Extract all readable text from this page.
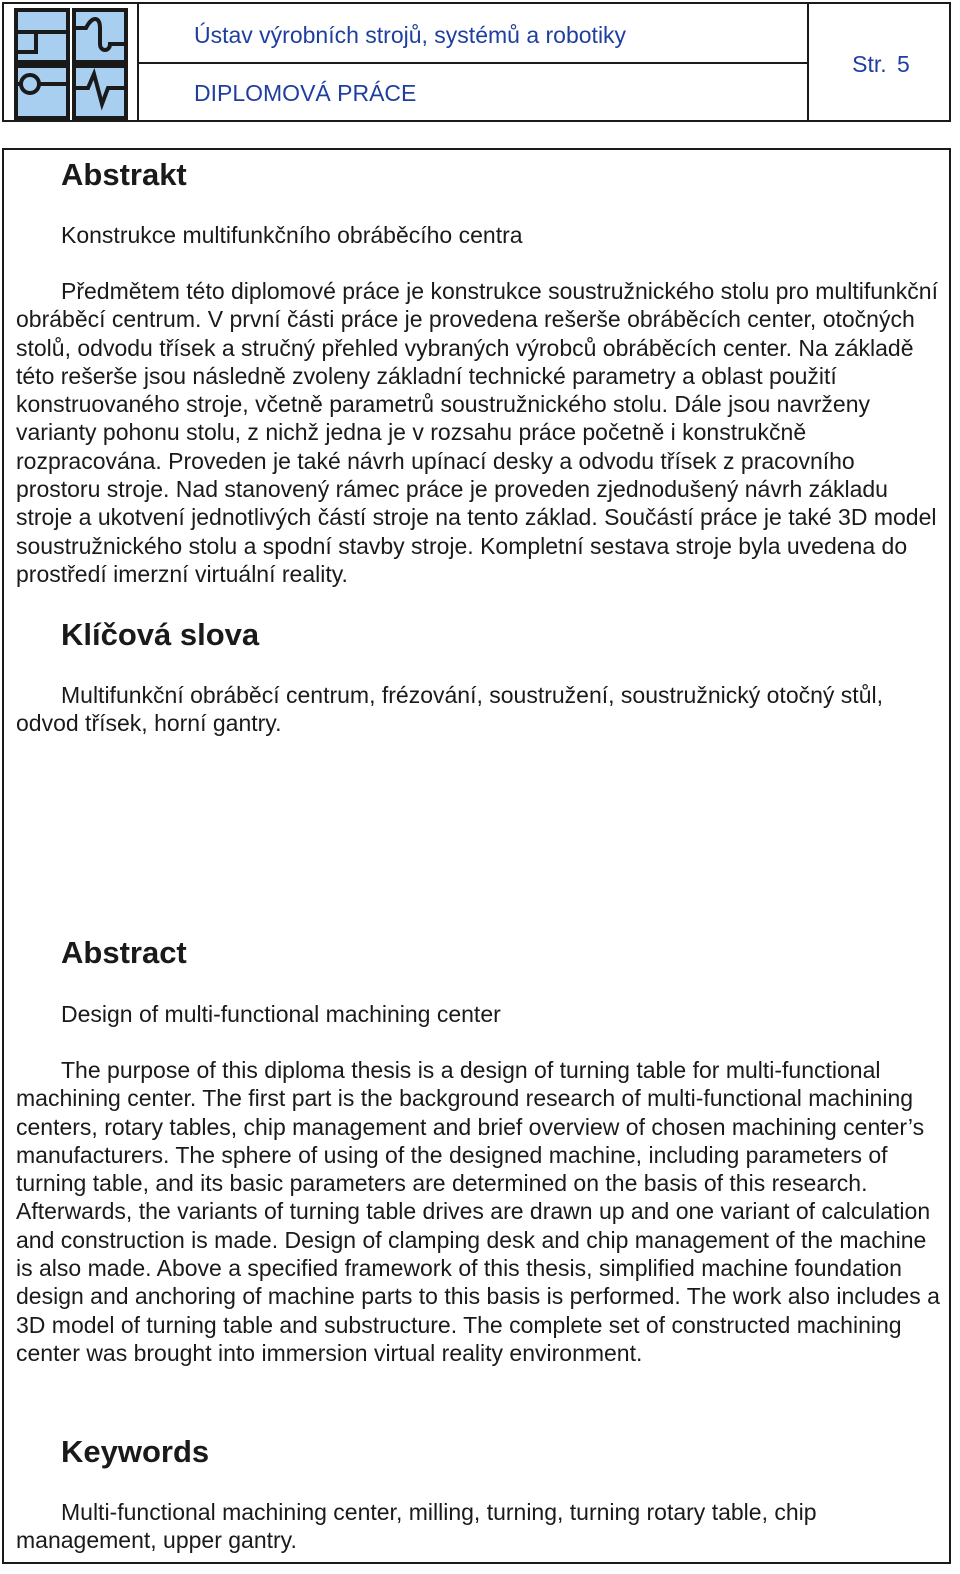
Ústav výrobních strojů, systémů a robotiky
DIPLOMOVÁ PRÁCE
Str. 5
Abstrakt

Konstrukce multifunkčního obráběcího centra

Předmětem této diplomové práce je konstrukce soustružnického stolu pro multifunkční obráběcí centrum. V první části práce je provedena rešerše obráběcích center, otočných stolů, odvodu třísek a stručný přehled vybraných výrobců obráběcích center. Na základě této rešerše jsou následně zvoleny základní technické parametry a oblast použití konstruovaného stroje, včetně parametrů soustružnického stolu. Dále jsou navrženy varianty pohonu stolu, z nichž jedna je v rozsahu práce početně i konstrukčně rozpracována. Proveden je také návrh upínací desky a odvodu třísek z pracovního prostoru stroje. Nad stanovený rámec práce je proveden zjednodušený návrh základu stroje a ukotvení jednotlivých částí stroje na tento základ. Součástí práce je také 3D model soustružnického stolu a spodní stavby stroje. Kompletní sestava stroje byla uvedena do prostředí imerzní virtuální reality.

Klíčová slova

Multifunkční obráběcí centrum, frézování, soustružení, soustružnický otočný stůl, odvod třísek, horní gantry.

Abstract

Design of multi-functional machining center

The purpose of this diploma thesis is a design of turning table for multi-functional machining center. The first part is the background research of multi-functional machining centers, rotary tables, chip management and brief overview of chosen machining center’s manufacturers. The sphere of using of the designed machine, including parameters of turning table, and its basic parameters are determined on the basis of this research. Afterwards, the variants of turning table drives are drawn up and one variant of calculation and construction is made. Design of clamping desk and chip management of the machine is also made. Above a specified framework of this thesis, simplified machine foundation design and anchoring of machine parts to this basis is performed. The work also includes a 3D model of turning table and substructure. The complete set of constructed machining center was brought into immersion virtual reality environment.

Keywords

Multi-functional machining center, milling, turning, turning rotary table, chip management, upper gantry.
